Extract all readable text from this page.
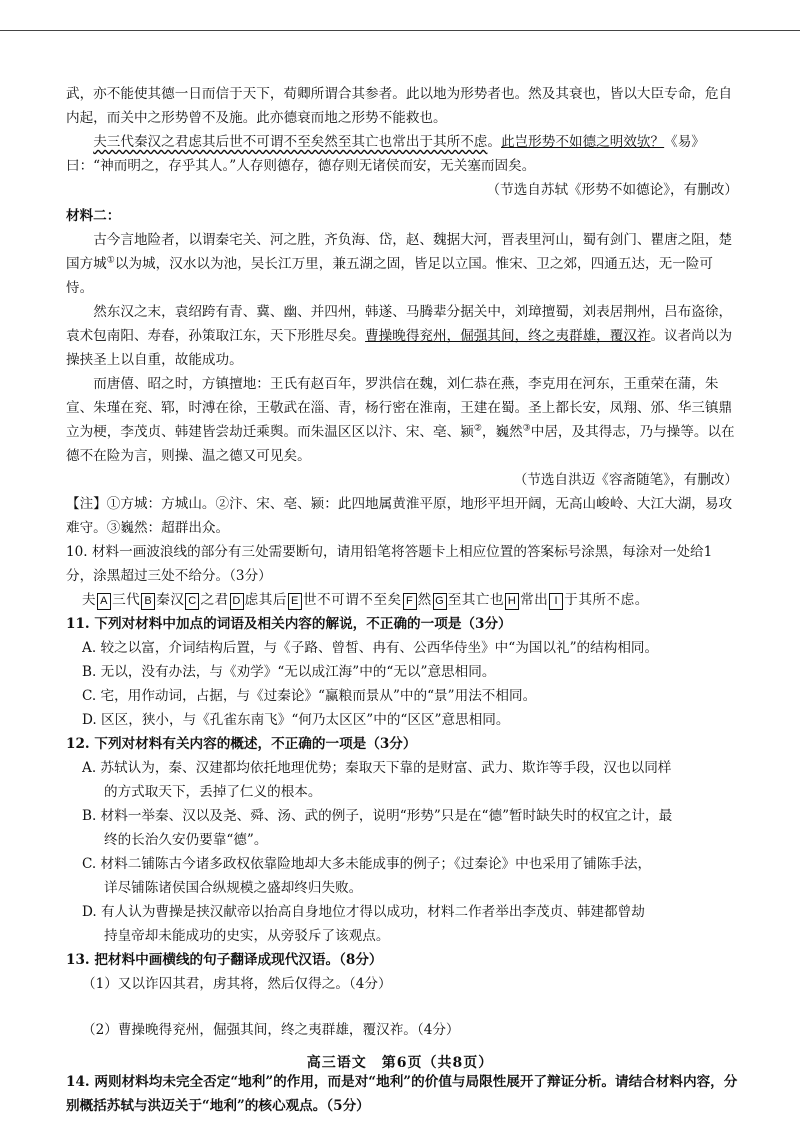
武，亦不能使其德一日而信于天下，荀卿所谓合其参者。此以地为形势者也。然及其衰也，皆以大臣专命，危自内起，而关中之形势曾不及施。此亦德衰而地之形势不能救也。

夫三代秦汉之君虑其后世不可谓不至矣然至其亡也常出于其所不虑。此岂形势不如德之明效欤？《易》曰：“神而明之，存乎其人。”人存则德存，德存则无诸侯而安，无关塞而固矣。

（节选自苏轼《形势不如德论》，有删改）

材料二：

古今言地险者，以谓秦宅关、河之胜，齐负海、岱，赵、魏据大河，晋表里河山，蜀有剑门、瞿唐之阻，楚国方城①以为城，汉水以为池，吴长江万里，兼五湖之固，皆足以立国。惟宋、卫之郊，四通五达，无一险可恃。

然东汉之末，袁绍跨有青、冀、幽、并四州，韩遂、马腾辈分据关中，刘璋擅蜀，刘表居荆州，吕布盗徐，袁术包南阳、寿春，孙策取江东，天下形胜尽矣。曹操晚得兖州，倔强其间，终之夷群雄，覆汉祚。议者尚以为操挟圣上以自重，故能成功。

而唐僖、昭之时，方镇擅地：王氏有赵百年，罗洪信在魏，刘仁恭在燕，李克用在河东，王重荣在蒲，朱宣、朱瑾在兖、郓，时溥在徐，王敬武在淄、青，杨行密在淮南，王建在蜀。圣上都长安，凤翔、邠、华三镇鼎立为梗，李茂贞、韩建皆尝劫迁乘舆。而朱温区区以汴、宋、亳、颍②，巍然③中居，及其得志，乃与操等。以在德不在险为言，则操、温之德又可见矣。

（节选自洪迈《容斋随笔》，有删改）

【注】①方城：方城山。②汴、宋、亳、颍：此四地属黄淮平原，地形平坦开阔，无高山峻岭、大江大湖，易攻难守。③巍然：超群出众。

10. 材料一画波浪线的部分有三处需要断句，请用铅笔将答题卡上相应位置的答案标号涂黑，每涂对一处给1分，涂黑超过三处不给分。（3分）

夫 A 三代 B 秦汉 C 之君 D 虑其后 E 世不可谓不至矣 F 然 G 至其亡也 H 常出 I 于其所不虑。

11. 下列对材料中加点的词语及相关内容的解说，不正确的一项是（3分）

A. 较之以富，介词结构后置，与《子路、曾皙、冉有、公西华侍坐》中“为国以礼”的结构相同。

B. 无以，没有办法，与《劝学》“无以成江海”中的“无以”意思相同。

C. 宅，用作动词，占据，与《过秦论》“赢粮而景从”中的“景”用法不相同。

D. 区区，狭小，与《孔雀东南飞》“何乃太区区”中的“区区”意思相同。

12. 下列对材料有关内容的概述，不正确的一项是（3分）

A. 苏轼认为，秦、汉建都均依托地理优势；秦取天下靠的是财富、武力、欺诈等手段，汉也以同样

的方式取天下，丢掉了仁义的根本。

B. 材料一举秦、汉以及尧、舜、汤、武的例子，说明“形势”只是在“德”暂时缺失时的权宜之计，最

终的长治久安仍要靠“德”。

C. 材料二铺陈古今诸多政权依靠险地却大多未能成事的例子；《过秦论》中也采用了铺陈手法，

详尽铺陈诸侯国合纵规模之盛却终归失败。

D. 有人认为曹操是挟汉献帝以抬高自身地位才得以成功，材料二作者举出李茂贞、韩建都曾劫

持皇帝却未能成功的史实，从旁驳斥了该观点。

13. 把材料中画横线的句子翻译成现代汉语。（8分）

（1）又以诈囚其君，虏其将，然后仅得之。（4分）

（2）曹操晚得兖州，倔强其间，终之夷群雄，覆汉祚。（4分）

14. 两则材料均未完全否定“地利”的作用，而是对“地利”的价值与局限性展开了辩证分析。请结合材料内容，分别概括苏轼与洪迈关于“地利”的核心观点。（5分）

高三语文　第6页（共8页）
